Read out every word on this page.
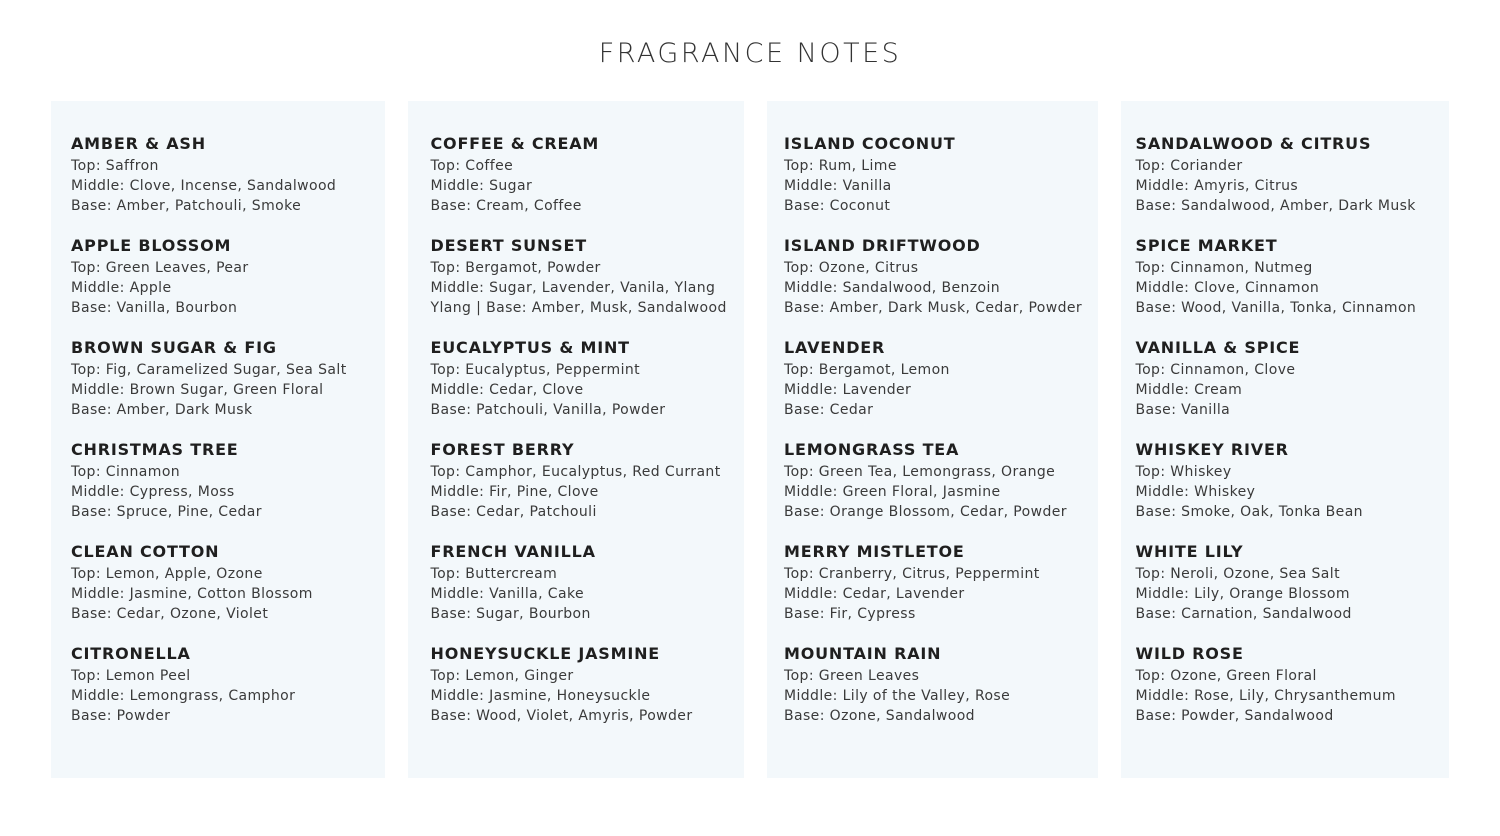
FRAGRANCE NOTES
AMBER & ASH
Top: Saffron
Middle: Clove, Incense, Sandalwood
Base: Amber, Patchouli, Smoke
APPLE BLOSSOM
Top: Green Leaves, Pear
Middle: Apple
Base: Vanilla, Bourbon
BROWN SUGAR & FIG
Top: Fig, Caramelized Sugar, Sea Salt
Middle: Brown Sugar, Green Floral
Base: Amber, Dark Musk
CHRISTMAS TREE
Top: Cinnamon
Middle: Cypress, Moss
Base: Spruce, Pine, Cedar
CLEAN COTTON
Top: Lemon, Apple, Ozone
Middle: Jasmine, Cotton Blossom
Base: Cedar, Ozone, Violet
CITRONELLA
Top: Lemon Peel
Middle: Lemongrass, Camphor
Base: Powder
COFFEE & CREAM
Top: Coffee
Middle: Sugar
Base: Cream, Coffee
DESERT SUNSET
Top: Bergamot, Powder
Middle: Sugar, Lavender, Vanila, Ylang
Ylang | Base: Amber, Musk, Sandalwood
EUCALYPTUS & MINT
Top: Eucalyptus, Peppermint
Middle: Cedar, Clove
Base: Patchouli, Vanilla, Powder
FOREST BERRY
Top: Camphor, Eucalyptus, Red Currant
Middle: Fir, Pine, Clove
Base: Cedar, Patchouli
FRENCH VANILLA
Top: Buttercream
Middle: Vanilla, Cake
Base: Sugar, Bourbon
HONEYSUCKLE JASMINE
Top: Lemon, Ginger
Middle: Jasmine, Honeysuckle
Base: Wood, Violet, Amyris, Powder
ISLAND COCONUT
Top: Rum, Lime
Middle: Vanilla
Base: Coconut
ISLAND DRIFTWOOD
Top: Ozone, Citrus
Middle: Sandalwood, Benzoin
Base: Amber, Dark Musk, Cedar, Powder
LAVENDER
Top: Bergamot, Lemon
Middle: Lavender
Base: Cedar
LEMONGRASS TEA
Top: Green Tea, Lemongrass, Orange
Middle: Green Floral, Jasmine
Base: Orange Blossom, Cedar, Powder
MERRY MISTLETOE
Top: Cranberry, Citrus, Peppermint
Middle: Cedar, Lavender
Base: Fir, Cypress
MOUNTAIN RAIN
Top: Green Leaves
Middle: Lily of the Valley, Rose
Base: Ozone, Sandalwood
SANDALWOOD & CITRUS
Top: Coriander
Middle: Amyris, Citrus
Base: Sandalwood, Amber, Dark Musk
SPICE MARKET
Top: Cinnamon, Nutmeg
Middle: Clove, Cinnamon
Base: Wood, Vanilla, Tonka, Cinnamon
VANILLA & SPICE
Top: Cinnamon, Clove
Middle: Cream
Base: Vanilla
WHISKEY RIVER
Top: Whiskey
Middle: Whiskey
Base: Smoke, Oak, Tonka Bean
WHITE LILY
Top: Neroli, Ozone, Sea Salt
Middle: Lily, Orange Blossom
Base: Carnation, Sandalwood
WILD ROSE
Top: Ozone, Green Floral
Middle: Rose, Lily, Chrysanthemum
Base: Powder, Sandalwood
